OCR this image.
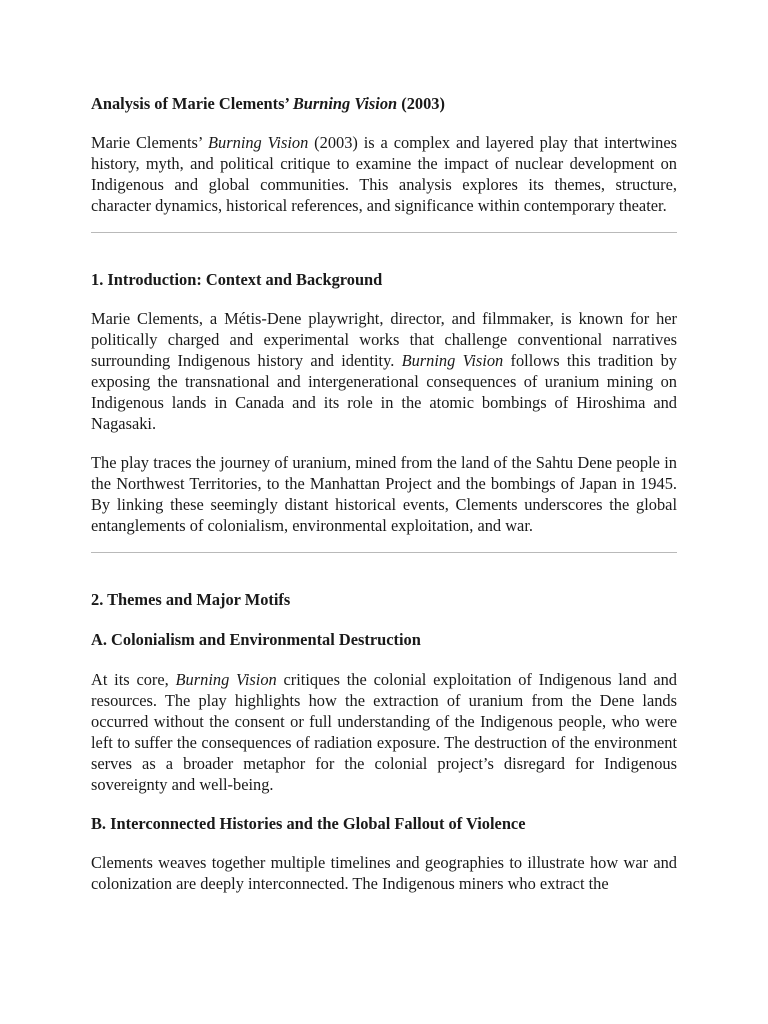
Analysis of Marie Clements’ Burning Vision (2003)

Marie Clements’ Burning Vision (2003) is a complex and layered play that intertwines history, myth, and political critique to examine the impact of nuclear development on Indigenous and global communities. This analysis explores its themes, structure, character dynamics, historical references, and significance within contemporary theater.

1. Introduction: Context and Background

Marie Clements, a Métis-Dene playwright, director, and filmmaker, is known for her politically charged and experimental works that challenge conventional narratives surrounding Indigenous history and identity. Burning Vision follows this tradition by exposing the transnational and intergenerational consequences of uranium mining on Indigenous lands in Canada and its role in the atomic bombings of Hiroshima and Nagasaki.

The play traces the journey of uranium, mined from the land of the Sahtu Dene people in the Northwest Territories, to the Manhattan Project and the bombings of Japan in 1945. By linking these seemingly distant historical events, Clements underscores the global entanglements of colonialism, environmental exploitation, and war.

2. Themes and Major Motifs

A. Colonialism and Environmental Destruction

At its core, Burning Vision critiques the colonial exploitation of Indigenous land and resources. The play highlights how the extraction of uranium from the Dene lands occurred without the consent or full understanding of the Indigenous people, who were left to suffer the consequences of radiation exposure. The destruction of the environment serves as a broader metaphor for the colonial project’s disregard for Indigenous sovereignty and well-being.

B. Interconnected Histories and the Global Fallout of Violence

Clements weaves together multiple timelines and geographies to illustrate how war and colonization are deeply interconnected. The Indigenous miners who extract the
